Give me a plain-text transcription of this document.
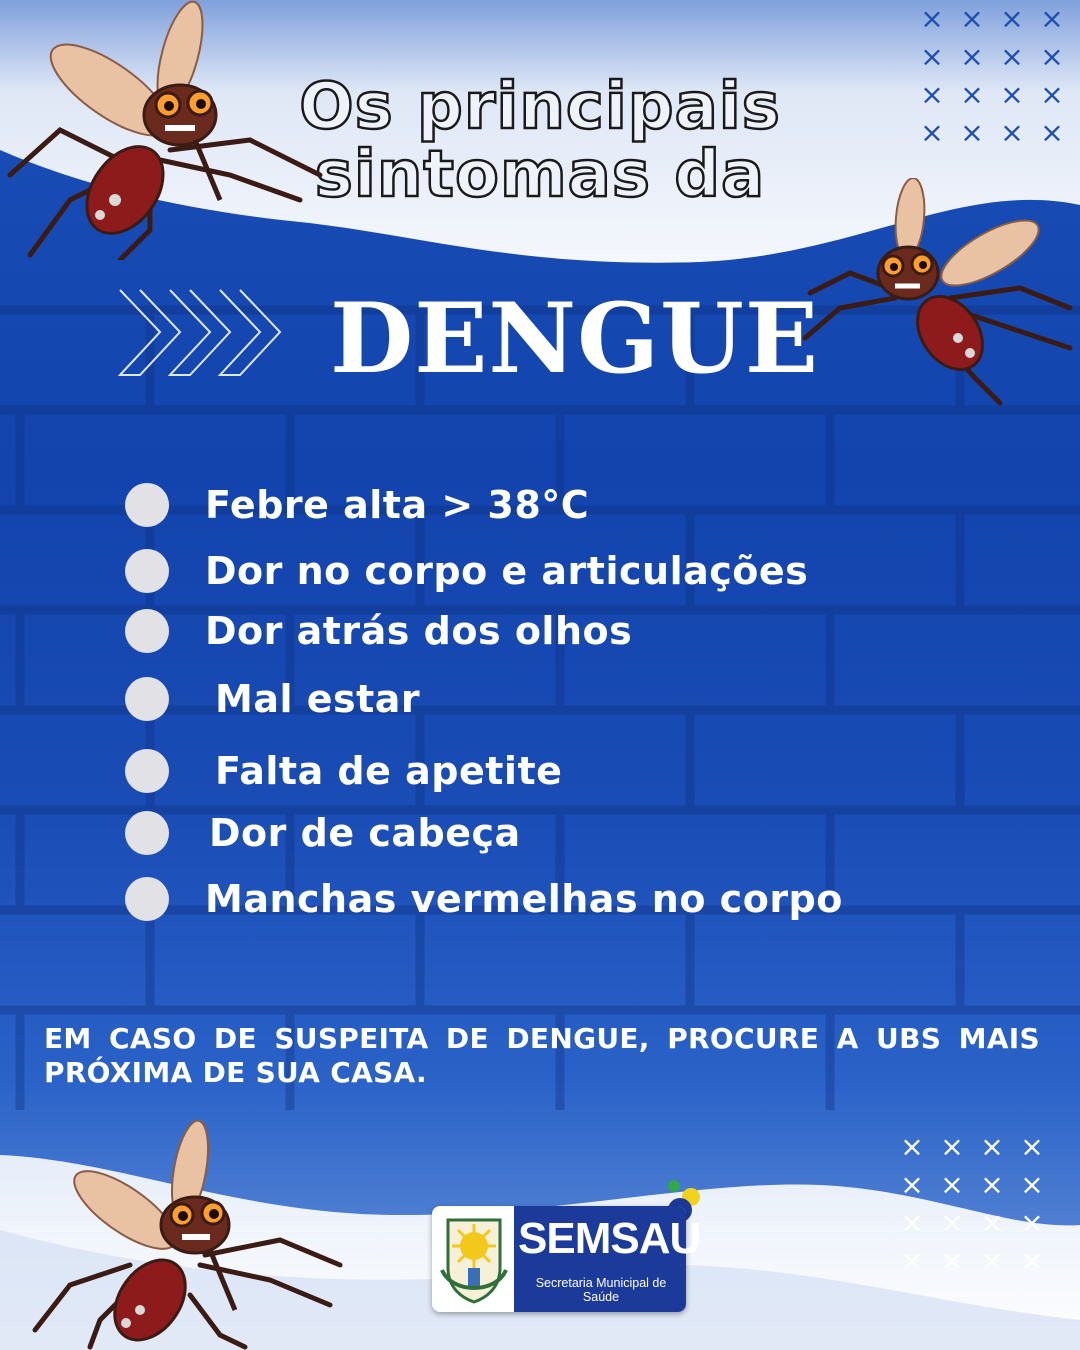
× × × ×
× × × ×
× × × ×
× × × ×
× × × ×
× × × ×
× × × ×
× × × ×
Os principais
sintomas da
DENGUE
Febre alta > 38°C
Dor no corpo e articulações
Dor atrás dos olhos
Mal estar
Falta de apetite
Dor de cabeça
Manchas vermelhas no corpo
EM CASO DE SUSPEITA DE DENGUE, PROCURE A UBS MAIS PRÓXIMA DE SUA CASA.
SEMSAU
Secretaria Municipal de Saúde
